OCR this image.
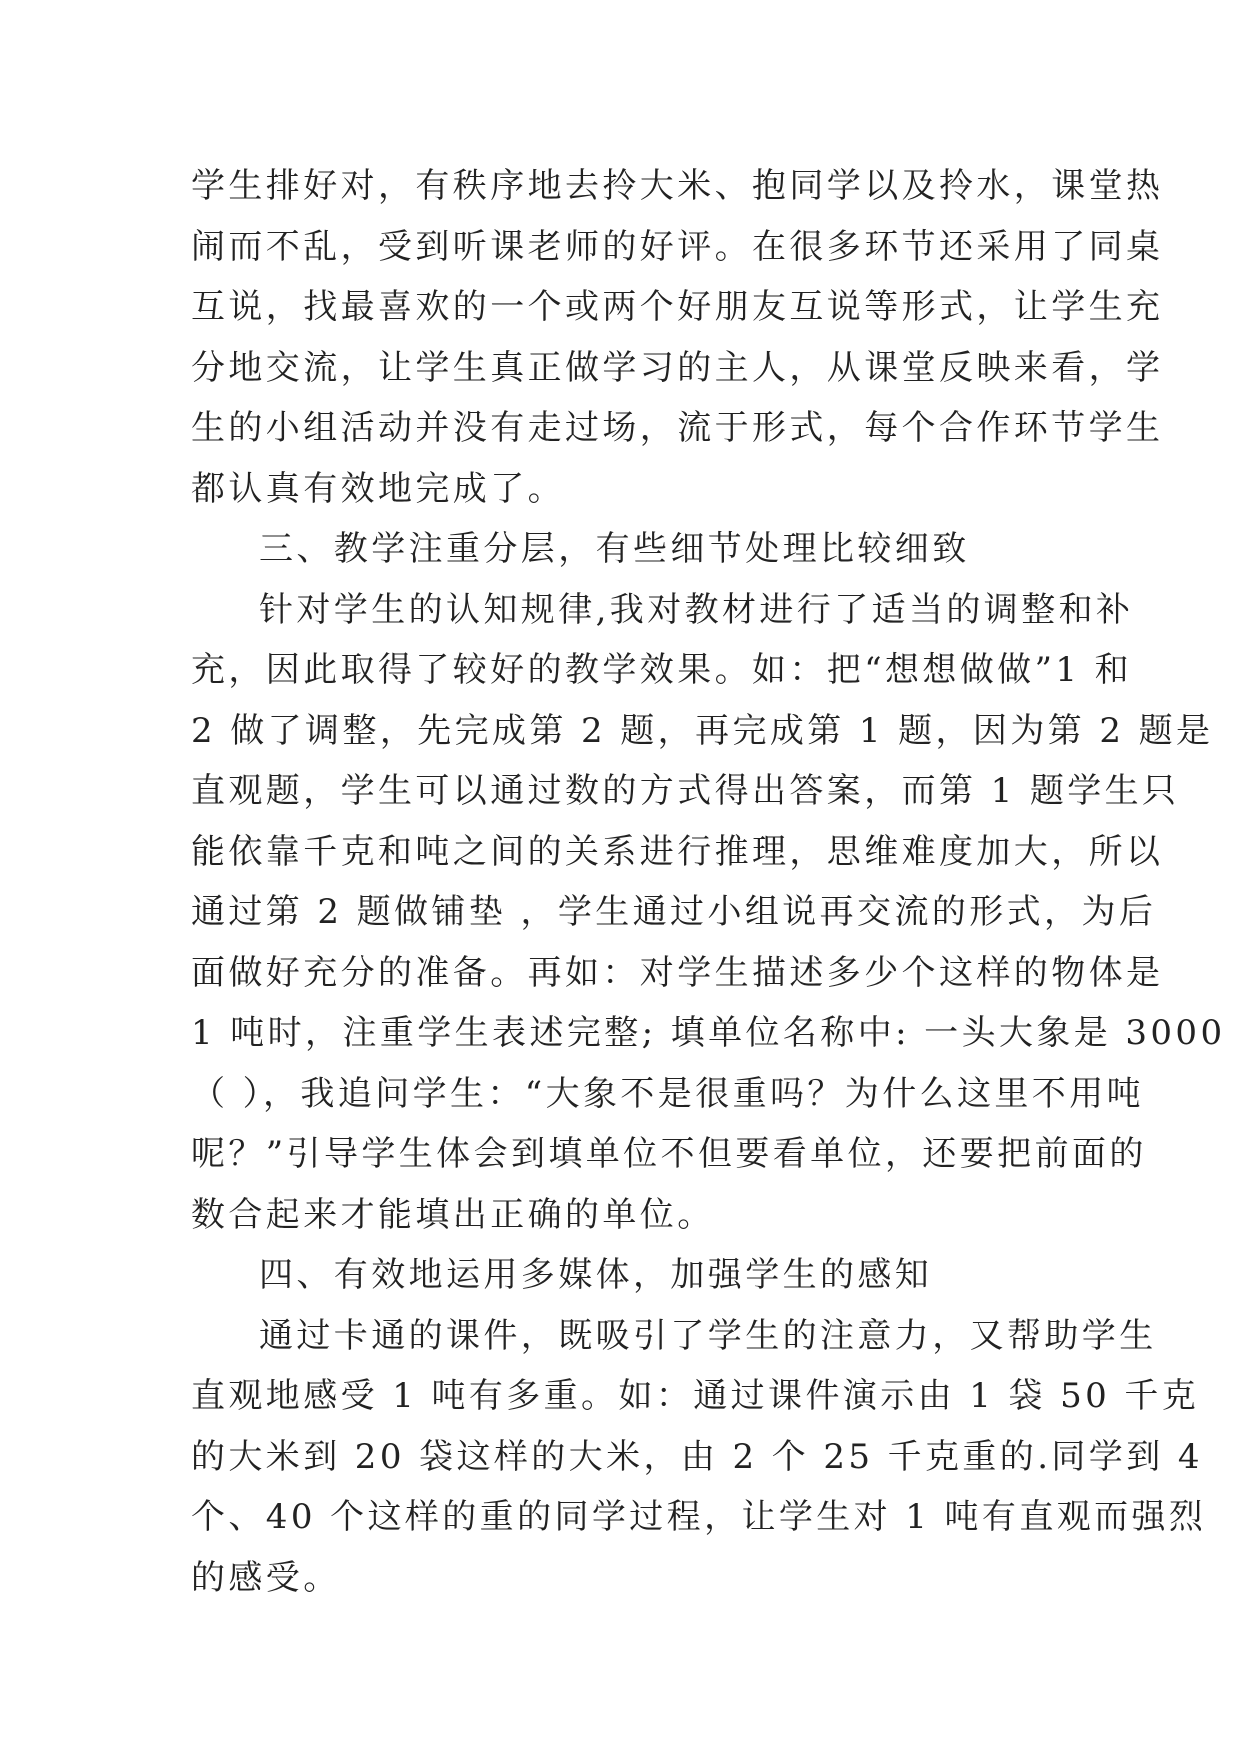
学生排好对，有秩序地去拎大米、抱同学以及拎水，课堂热
闹而不乱，受到听课老师的好评。在很多环节还采用了同桌
互说，找最喜欢的一个或两个好朋友互说等形式，让学生充
分地交流，让学生真正做学习的主人，从课堂反映来看，学
生的小组活动并没有走过场，流于形式，每个合作环节学生
都认真有效地完成了。
三、教学注重分层，有些细节处理比较细致
针对学生的认知规律,我对教材进行了适当的调整和补
充，因此取得了较好的教学效果。如：把“想想做做”1 和
2 做了调整，先完成第 2 题，再完成第 1 题，因为第 2 题是
直观题，学生可以通过数的方式得出答案，而第 1 题学生只
能依靠千克和吨之间的关系进行推理，思维难度加大，所以
通过第 2 题做铺垫 ，学生通过小组说再交流的形式，为后
面做好充分的准备。再如：对学生描述多少个这样的物体是
1 吨时，注重学生表述完整; 填单位名称中: 一头大象是 3000
（ ），我追问学生：“大象不是很重吗？为什么这里不用吨
呢？”引导学生体会到填单位不但要看单位，还要把前面的
数合起来才能填出正确的单位。
四、有效地运用多媒体，加强学生的感知
通过卡通的课件，既吸引了学生的注意力，又帮助学生
直观地感受 1 吨有多重。如：通过课件演示由 1 袋 50 千克
的大米到 20 袋这样的大米，由 2 个 25 千克重的.同学到 4
个、40 个这样的重的同学过程，让学生对 1 吨有直观而强烈
的感受。
